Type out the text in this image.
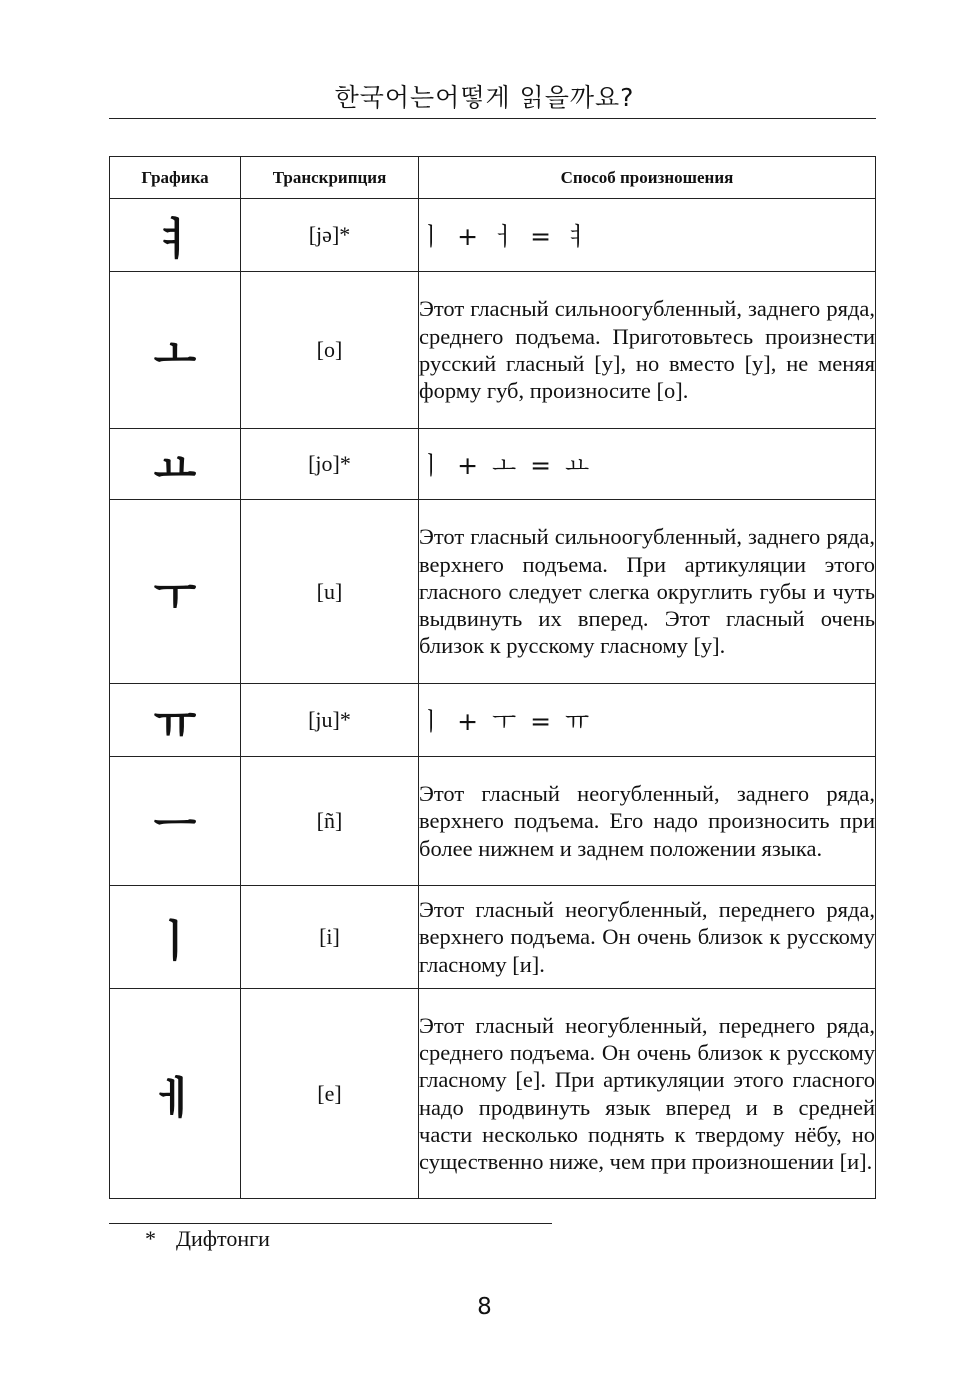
한국어는어떻게 읽을까요?
Графика	Транскрипция	Способ произношения
ㅕ	[jə]*	ㅣ + ㅓ = ㅕ
ㅗ	[o]	Этот гласный сильноогубленный, заднего ряда, среднего подъема. Приготовьтесь произнести русский гласный [у], но вместо [у], не меняя форму губ, произносите [о].
ㅛ	[jo]*	ㅣ + ㅗ = ㅛ
ㅜ	[u]	Этот гласный сильноогубленный, заднего ряда, верхнего подъема. При артикуляции этого гласного следует слегка округлить губы и чуть выдвинуть их вперед. Этот гласный очень близок к русскому гласному [у].
ㅠ	[ju]*	ㅣ + ㅜ = ㅠ
ㅡ	[ñ]	Этот гласный неогубленный, заднего ряда, верхнего подъема. Его надо произносить при более нижнем и заднем положении языка.
ㅣ	[i]	Этот гласный неогубленный, переднего ряда, верхнего подъема. Он очень близок к русскому гласному [и].
ㅔ	[e]	Этот гласный неогубленный, переднего ряда, среднего подъема. Он очень близок к русскому гласному [е]. При артикуляции этого гласного надо продвинуть язык вперед и в средней части несколько поднять к твердому нёбу, но существенно ниже, чем при произношении [и].
* Дифтонги
8
